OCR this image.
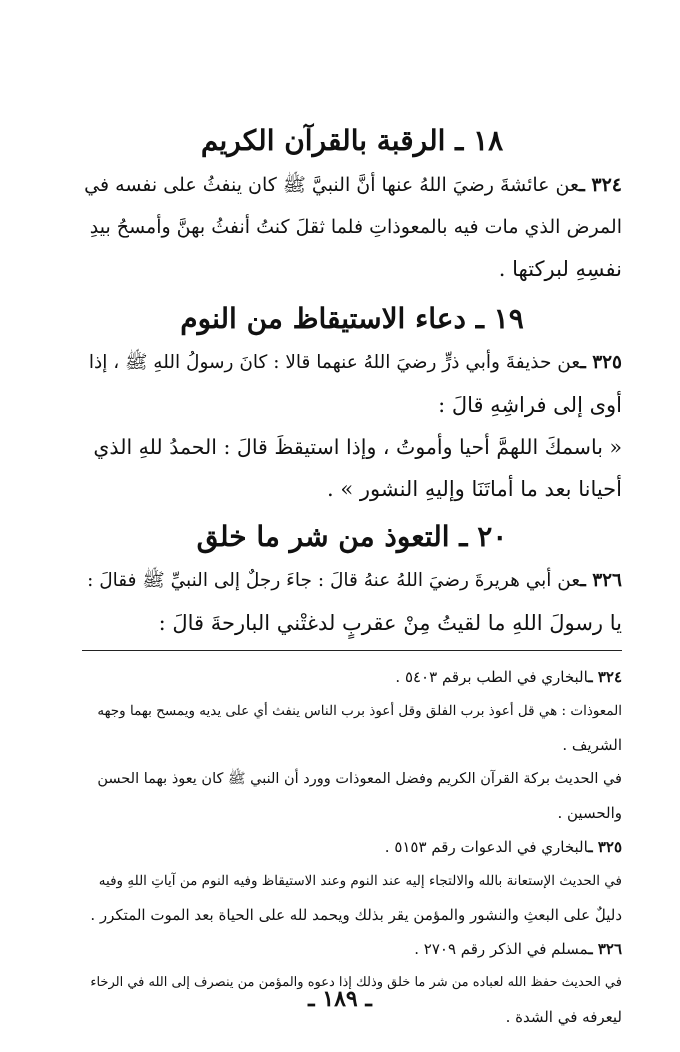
١٨ ـ الرقبة بالقرآن الكريم
٣٢٤ ـعن عائشةَ رضيَ اللهُ عنها أنَّ النبيَّ ﷺ كان ينفثُ على نفسه في
المرض الذي مات فيه بالمعوذاتِ فلما ثقلَ كنتُ أنفثُ بهنَّ وأمسحُ بيدِ
نفسِهِ لبركتها .
١٩ ـ دعاء الاستيقاظ من النوم
٣٢٥ ـعن حذيفةَ وأبي ذرٍّ رضيَ اللهُ عنهما قالا : كانَ رسولُ اللهِ ﷺ ، إذا
أوى إلى فراشِهِ قالَ :
« باسمكَ اللهمَّ أحيا وأموتُ ، وإذا استيقظَ قالَ : الحمدُ للهِ الذي
أحيانا بعد ما أماتَنَا وإليهِ النشور » .
٢٠ ـ التعوذ من شر ما خلق
٣٢٦ ـعن أبي هريرةَ رضيَ اللهُ عنهُ قالَ : جاءَ رجلٌ إلى النبيِّ ﷺ فقالَ :
يا رسولَ اللهِ ما لقيتُ مِنْ عقربٍ لدغتْني البارحةَ قالَ :

٣٢٤ ـالبخاري في الطب برقم ٥٤٠٣ .

المعوذات : هي قل أعوذ برب الفلق وقل أعوذ برب الناس ينفث أي على يديه ويمسح بهما وجهه

الشريف .

في الحديث بركة القرآن الكريم وفضل المعوذات وورد أن النبي ﷺ كان يعوذ بهما الحسن

والحسين .

٣٢٥ ـالبخاري في الدعوات رقم ٥١٥٣ .

في الحديث الإستعانة بالله والالتجاء إليه عند النوم وعند الاستيقاظ وفيه النوم من آياتِ اللهِ وفيه

دليلٌ على البعثِ والنشور والمؤمن يقر بذلك ويحمد لله على الحياة بعد الموت المتكرر .

٣٢٦ ـمسلم في الذكر رقم ٢٧٠٩ .

في الحديث حفظ الله لعباده من شر ما خلق وذلك إذا دعوه والمؤمن من ينصرف إلى الله في الرخاء

ليعرفه في الشدة .

ـ ١٨٩ ـ
